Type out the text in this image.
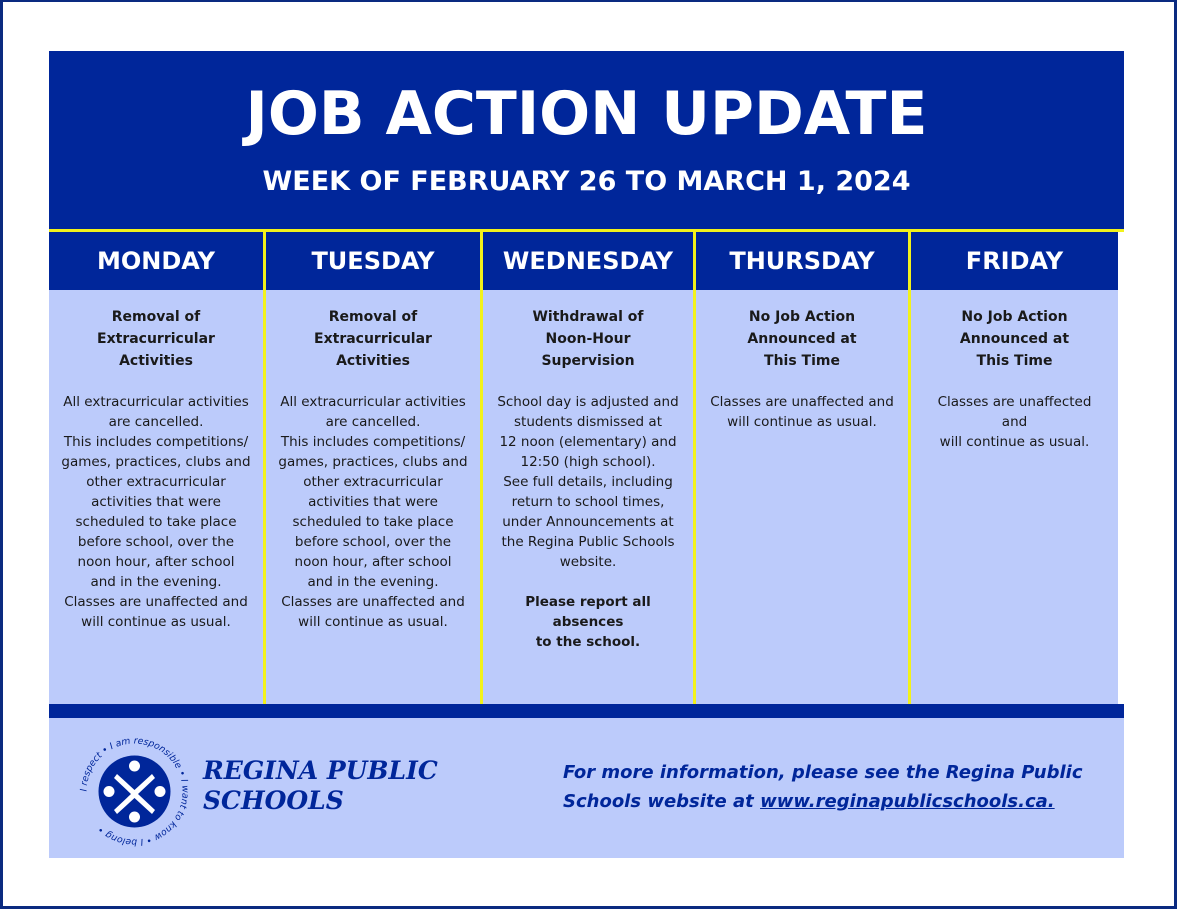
JOB ACTION UPDATE
WEEK OF FEBRUARY 26 TO MARCH 1, 2024
MONDAY
Removal of
Extracurricular
Activities
All extracurricular activities
are cancelled.
This includes competitions/
games, practices, clubs and
other extracurricular
activities that were
scheduled to take place
before school, over the
noon hour, after school
and in the evening.
Classes are unaffected and
will continue as usual.
TUESDAY
Removal of
Extracurricular
Activities
All extracurricular activities
are cancelled.
This includes competitions/
games, practices, clubs and
other extracurricular
activities that were
scheduled to take place
before school, over the
noon hour, after school
and in the evening.
Classes are unaffected and
will continue as usual.
WEDNESDAY
Withdrawal of
Noon-Hour
Supervision
School day is adjusted and
students dismissed at
12 noon (elementary) and
12:50 (high school).
See full details, including
return to school times,
under Announcements at
the Regina Public Schools
website.
Please report all absences
to the school.
THURSDAY
No Job Action
Announced at
This Time
Classes are unaffected and
will continue as usual.
FRIDAY
No Job Action
Announced at
This Time
Classes are unaffected and
will continue as usual.
I respect • I am responsible • I want to know • I belong •
REGINA PUBLIC
SCHOOLS
For more information, please see the Regina Public Schools website at www.reginapublicschools.ca.
